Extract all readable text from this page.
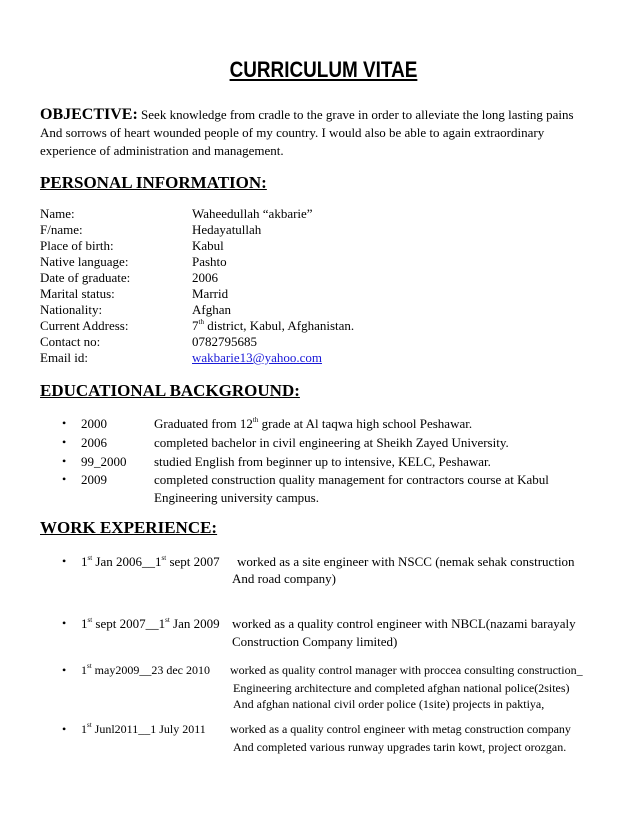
CURRICULUM VITAE
OBJECTIVE: Seek knowledge from cradle to the grave in order to alleviate the long lasting pains
And sorrows of heart wounded people of my country. I would also be able to again extraordinary
experience of administration and management.
PERSONAL INFORMATION:
Name:	Waheedullah “akbarie”
F/name:	Hedayatullah
Place of birth:	Kabul
Native language:	Pashto
Date of graduate:	2006
Marital status:	Marrid
Nationality:	Afghan
Current Address:	7th district, Kabul, Afghanistan.
Contact no:	0782795685
Email id:	wakbarie13@yahoo.com
EDUCATIONAL BACKGROUND:
• 2000	Graduated from 12th grade at Al taqwa high school Peshawar.
• 2006	completed bachelor in civil engineering at Sheikh Zayed University.
• 99_2000 studied English from beginner up to intensive, KELC, Peshawar.
• 2009	completed construction quality management for contractors course at Kabul
Engineering university campus.
WORK EXPERIENCE:
• 1st Jan 2006__1st sept 2007 worked as a site engineer with NSCC (nemak sehak construction
And road company)
• 1st sept 2007__1st Jan 2009 worked as a quality control engineer with NBCL(nazami barayaly
Construction Company limited)
• 1st may2009__23 dec 2010 worked as quality control manager with proccea consulting construction_
Engineering architecture and completed afghan national police(2sites)
And afghan national civil order police (1site) projects in paktiya,
• 1st Junl2011__1 July 2011 worked as a quality control engineer with metag construction company
And completed various runway upgrades tarin kowt, project orozgan.
